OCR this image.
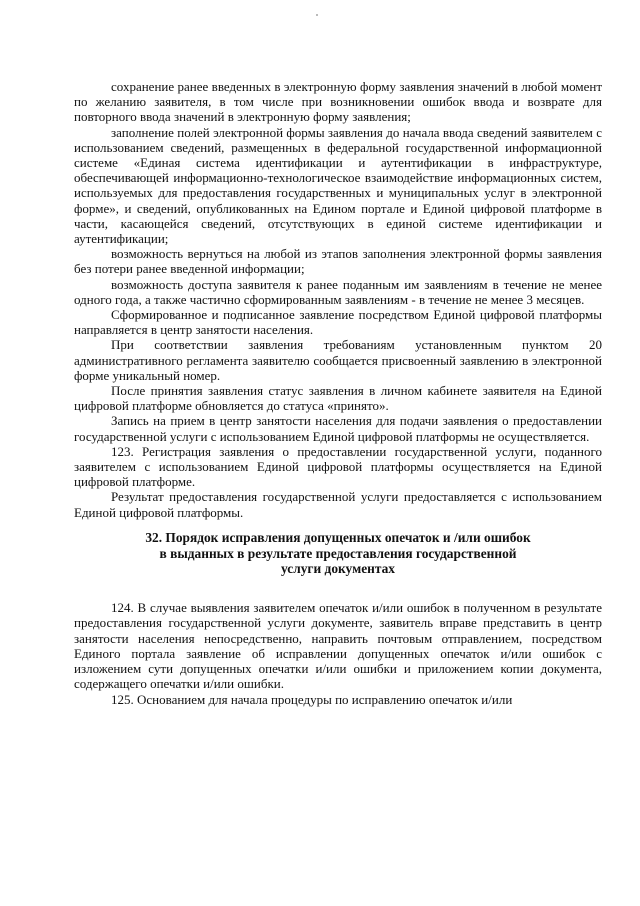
сохранение ранее введенных в электронную форму заявления значений в любой момент по желанию заявителя, в том числе при возникновении ошибок ввода и возврате для повторного ввода значений в электронную форму заявления;

заполнение полей электронной формы заявления до начала ввода сведений заявителем с использованием сведений, размещенных в федеральной государственной информационной системе «Единая система идентификации и аутентификации в инфраструктуре, обеспечивающей информационно-технологическое взаимодействие информационных систем, используемых для предоставления государственных и муниципальных услуг в электронной форме», и сведений, опубликованных на Едином портале и Единой цифровой платформе в части, касающейся сведений, отсутствующих в единой системе идентификации и аутентификации;

возможность вернуться на любой из этапов заполнения электронной формы заявления без потери ранее введенной информации;

возможность доступа заявителя к ранее поданным им заявлениям в течение не менее одного года, а также частично сформированным заявлениям - в течение не менее 3 месяцев.

Сформированное и подписанное заявление посредством Единой цифровой платформы направляется в центр занятости населения.

При соответствии заявления требованиям установленным пунктом 20 административного регламента заявителю сообщается присвоенный заявлению в электронной форме уникальный номер.

После принятия заявления статус заявления в личном кабинете заявителя на Единой цифровой платформе обновляется до статуса «принято».

Запись на прием в центр занятости населения для подачи заявления о предоставлении государственной услуги с использованием Единой цифровой платформы не осуществляется.

123. Регистрация заявления о предоставлении государственной услуги, поданного заявителем с использованием Единой цифровой платформы осуществляется на Единой цифровой платформе.

Результат предоставления государственной услуги предоставляется с использованием Единой цифровой платформы.

32. Порядок исправления допущенных опечаток и /или ошибок
в выданных в результате предоставления государственной
услуги документах

124. В случае выявления заявителем опечаток и/или ошибок в полученном в результате предоставления государственной услуги документе, заявитель вправе представить в центр занятости населения непосредственно, направить почтовым отправлением, посредством Единого портала заявление об исправлении допущенных опечаток и/или ошибок с изложением сути допущенных опечатки и/или ошибки и приложением копии документа, содержащего опечатки и/или ошибки.

125. Основанием для начала процедуры по исправлению опечаток и/или
